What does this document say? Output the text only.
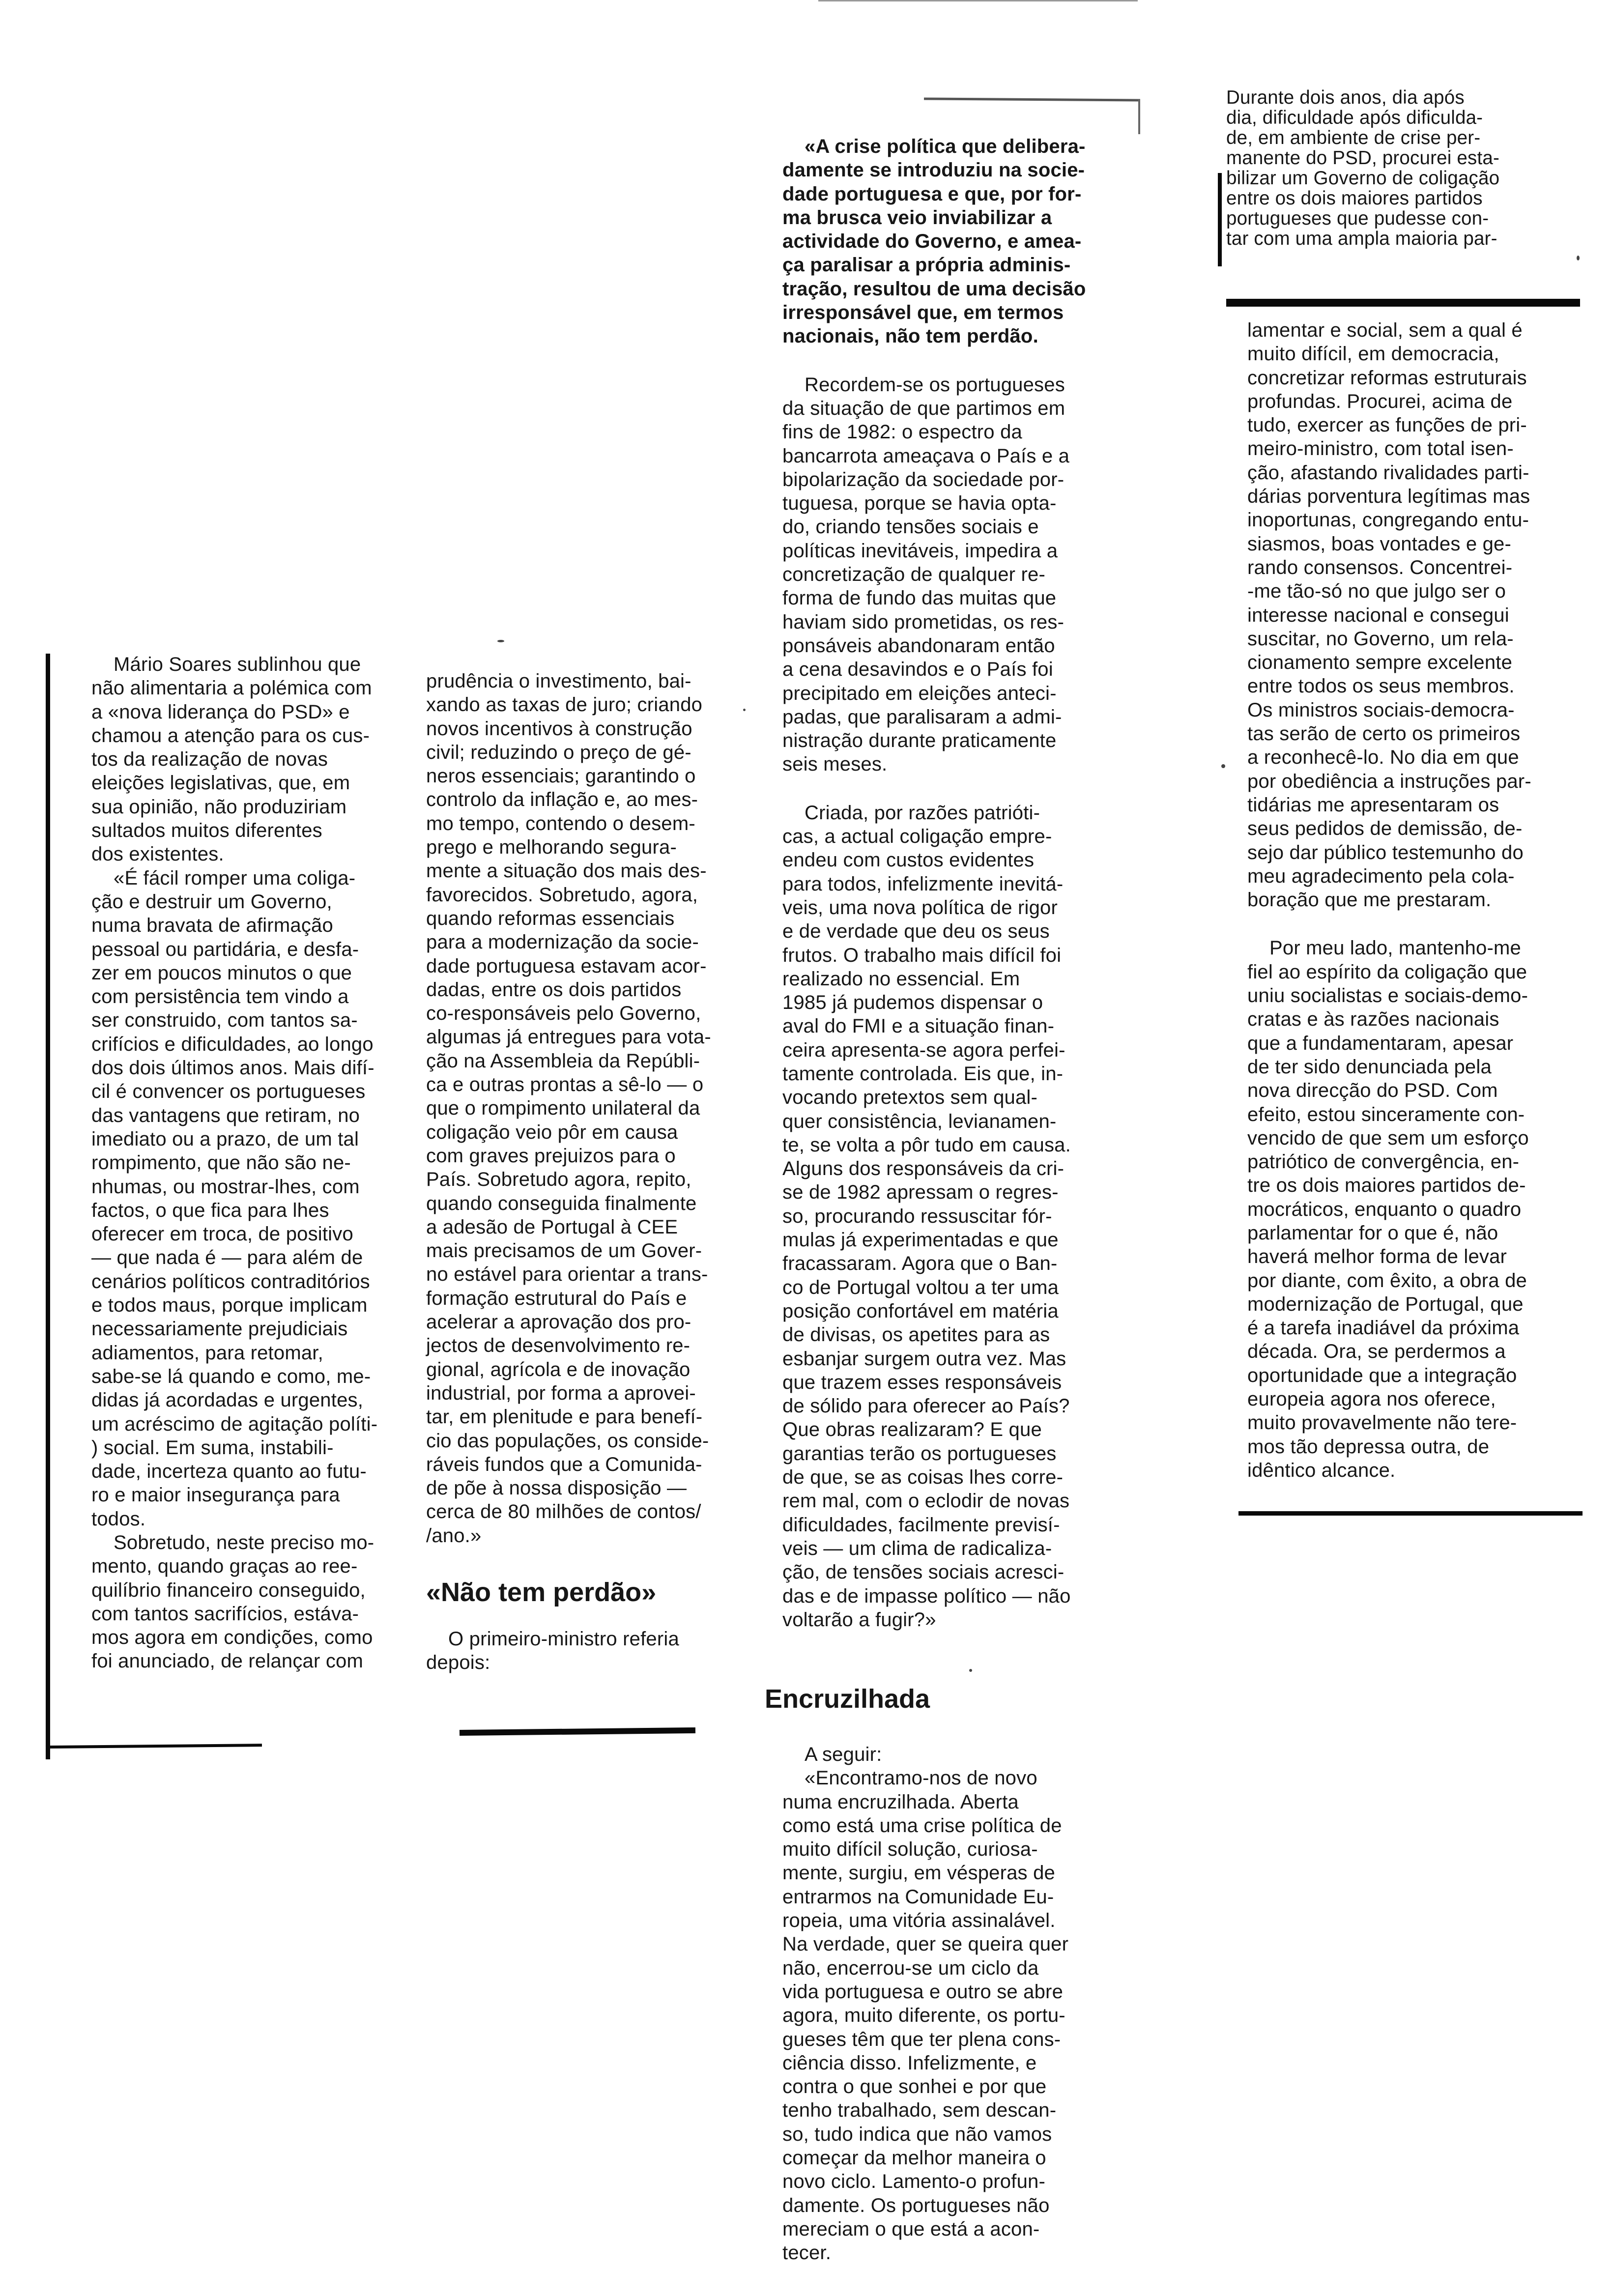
Durante dois anos, dia após
dia, dificuldade após dificulda-
de, em ambiente de crise per-
manente do PSD, procurei esta-
bilizar um Governo de coligação
entre os dois maiores partidos
portugueses que pudesse con-
tar com uma ampla maioria par-

Mário Soares sublinhou que
não alimentaria a polémica com
a «nova liderança do PSD» e
chamou a atenção para os cus-
tos da realização de novas
eleições legislativas, que, em
sua opinião, não produziriam
sultados muitos diferentes
dos existentes.

«É fácil romper uma coliga-
ção e destruir um Governo,
numa bravata de afirmação
pessoal ou partidária, e desfa-
zer em poucos minutos o que
com persistência tem vindo a
ser construido, com tantos sa-
crifícios e dificuldades, ao longo
dos dois últimos anos. Mais difí-
cil é convencer os portugueses
das vantagens que retiram, no
imediato ou a prazo, de um tal
rompimento, que não são ne-
nhumas, ou mostrar-lhes, com
factos, o que fica para lhes
oferecer em troca, de positivo
— que nada é — para além de
cenários políticos contraditórios
e todos maus, porque implicam
necessariamente prejudiciais
adiamentos, para retomar,
sabe-se lá quando e como, me-
didas já acordadas e urgentes,
um acréscimo de agitação políti-
) social. Em suma, instabili-
dade, incerteza quanto ao futu-
ro e maior insegurança para
todos.

Sobretudo, neste preciso mo-
mento, quando graças ao ree-
quilíbrio financeiro conseguido,
com tantos sacrifícios, estáva-
mos agora em condições, como
foi anunciado, de relançar com

prudência o investimento, bai-
xando as taxas de juro; criando
novos incentivos à construção
civil; reduzindo o preço de gé-
neros essenciais; garantindo o
controlo da inflação e, ao mes-
mo tempo, contendo o desem-
prego e melhorando segura-
mente a situação dos mais des-
favorecidos. Sobretudo, agora,
quando reformas essenciais
para a modernização da socie-
dade portuguesa estavam acor-
dadas, entre os dois partidos
co-responsáveis pelo Governo,
algumas já entregues para vota-
ção na Assembleia da Repúbli-
ca e outras prontas a sê-lo — o
que o rompimento unilateral da
coligação veio pôr em causa
com graves prejuizos para o
País. Sobretudo agora, repito,
quando conseguida finalmente
a adesão de Portugal à CEE
mais precisamos de um Gover-
no estável para orientar a trans-
formação estrutural do País e
acelerar a aprovação dos pro-
jectos de desenvolvimento re-
gional, agrícola e de inovação
industrial, por forma a aprovei-
tar, em plenitude e para benefí-
cio das populações, os conside-
ráveis fundos que a Comunida-
de põe à nossa disposição —
cerca de 80 milhões de contos/
/ano.»

«Não tem perdão»

O primeiro-ministro referia
depois:

«A crise política que delibera-
damente se introduziu na socie-
dade portuguesa e que, por for-
ma brusca veio inviabilizar a
actividade do Governo, e amea-
ça paralisar a própria adminis-
tração, resultou de uma decisão
irresponsável que, em termos
nacionais, não tem perdão.

Recordem-se os portugueses
da situação de que partimos em
fins de 1982: o espectro da
bancarrota ameaçava o País e a
bipolarização da sociedade por-
tuguesa, porque se havia opta-
do, criando tensões sociais e
políticas inevitáveis, impedira a
concretização de qualquer re-
forma de fundo das muitas que
haviam sido prometidas, os res-
ponsáveis abandonaram então
a cena desavindos e o País foi
precipitado em eleições anteci-
padas, que paralisaram a admi-
nistração durante praticamente
seis meses.

Criada, por razões patrióti-
cas, a actual coligação empre-
endeu com custos evidentes
para todos, infelizmente inevitá-
veis, uma nova política de rigor
e de verdade que deu os seus
frutos. O trabalho mais difícil foi
realizado no essencial. Em
1985 já pudemos dispensar o
aval do FMI e a situação finan-
ceira apresenta-se agora perfei-
tamente controlada. Eis que, in-
vocando pretextos sem qual-
quer consistência, levianamen-
te, se volta a pôr tudo em causa.
Alguns dos responsáveis da cri-
se de 1982 apressam o regres-
so, procurando ressuscitar fór-
mulas já experimentadas e que
fracassaram. Agora que o Ban-
co de Portugal voltou a ter uma
posição confortável em matéria
de divisas, os apetites para as
esbanjar surgem outra vez. Mas
que trazem esses responsáveis
de sólido para oferecer ao País?
Que obras realizaram? E que
garantias terão os portugueses
de que, se as coisas lhes corre-
rem mal, com o eclodir de novas
dificuldades, facilmente previsí-
veis — um clima de radicaliza-
ção, de tensões sociais acresci-
das e de impasse político — não
voltarão a fugir?»

Encruzilhada

A seguir:

«Encontramo-nos de novo
numa encruzilhada. Aberta
como está uma crise política de
muito difícil solução, curiosa-
mente, surgiu, em vésperas de
entrarmos na Comunidade Eu-
ropeia, uma vitória assinalável.
Na verdade, quer se queira quer
não, encerrou-se um ciclo da
vida portuguesa e outro se abre
agora, muito diferente, os portu-
gueses têm que ter plena cons-
ciência disso. Infelizmente, e
contra o que sonhei e por que
tenho trabalhado, sem descan-
so, tudo indica que não vamos
começar da melhor maneira o
novo ciclo. Lamento-o profun-
damente. Os portugueses não
mereciam o que está a acon-
tecer.

lamentar e social, sem a qual é
muito difícil, em democracia,
concretizar reformas estruturais
profundas. Procurei, acima de
tudo, exercer as funções de pri-
meiro-ministro, com total isen-
ção, afastando rivalidades parti-
dárias porventura legítimas mas
inoportunas, congregando entu-
siasmos, boas vontades e ge-
rando consensos. Concentrei-
-me tão-só no que julgo ser o
interesse nacional e consegui
suscitar, no Governo, um rela-
cionamento sempre excelente
entre todos os seus membros.
Os ministros sociais-democra-
tas serão de certo os primeiros
a reconhecê-lo. No dia em que
por obediência a instruções par-
tidárias me apresentaram os
seus pedidos de demissão, de-
sejo dar público testemunho do
meu agradecimento pela cola-
boração que me prestaram.

Por meu lado, mantenho-me
fiel ao espírito da coligação que
uniu socialistas e sociais-demo-
cratas e às razões nacionais
que a fundamentaram, apesar
de ter sido denunciada pela
nova direcção do PSD. Com
efeito, estou sinceramente con-
vencido de que sem um esforço
patriótico de convergência, en-
tre os dois maiores partidos de-
mocráticos, enquanto o quadro
parlamentar for o que é, não
haverá melhor forma de levar
por diante, com êxito, a obra de
modernização de Portugal, que
é a tarefa inadiável da próxima
década. Ora, se perdermos a
oportunidade que a integração
europeia agora nos oferece,
muito provavelmente não tere-
mos tão depressa outra, de
idêntico alcance.
